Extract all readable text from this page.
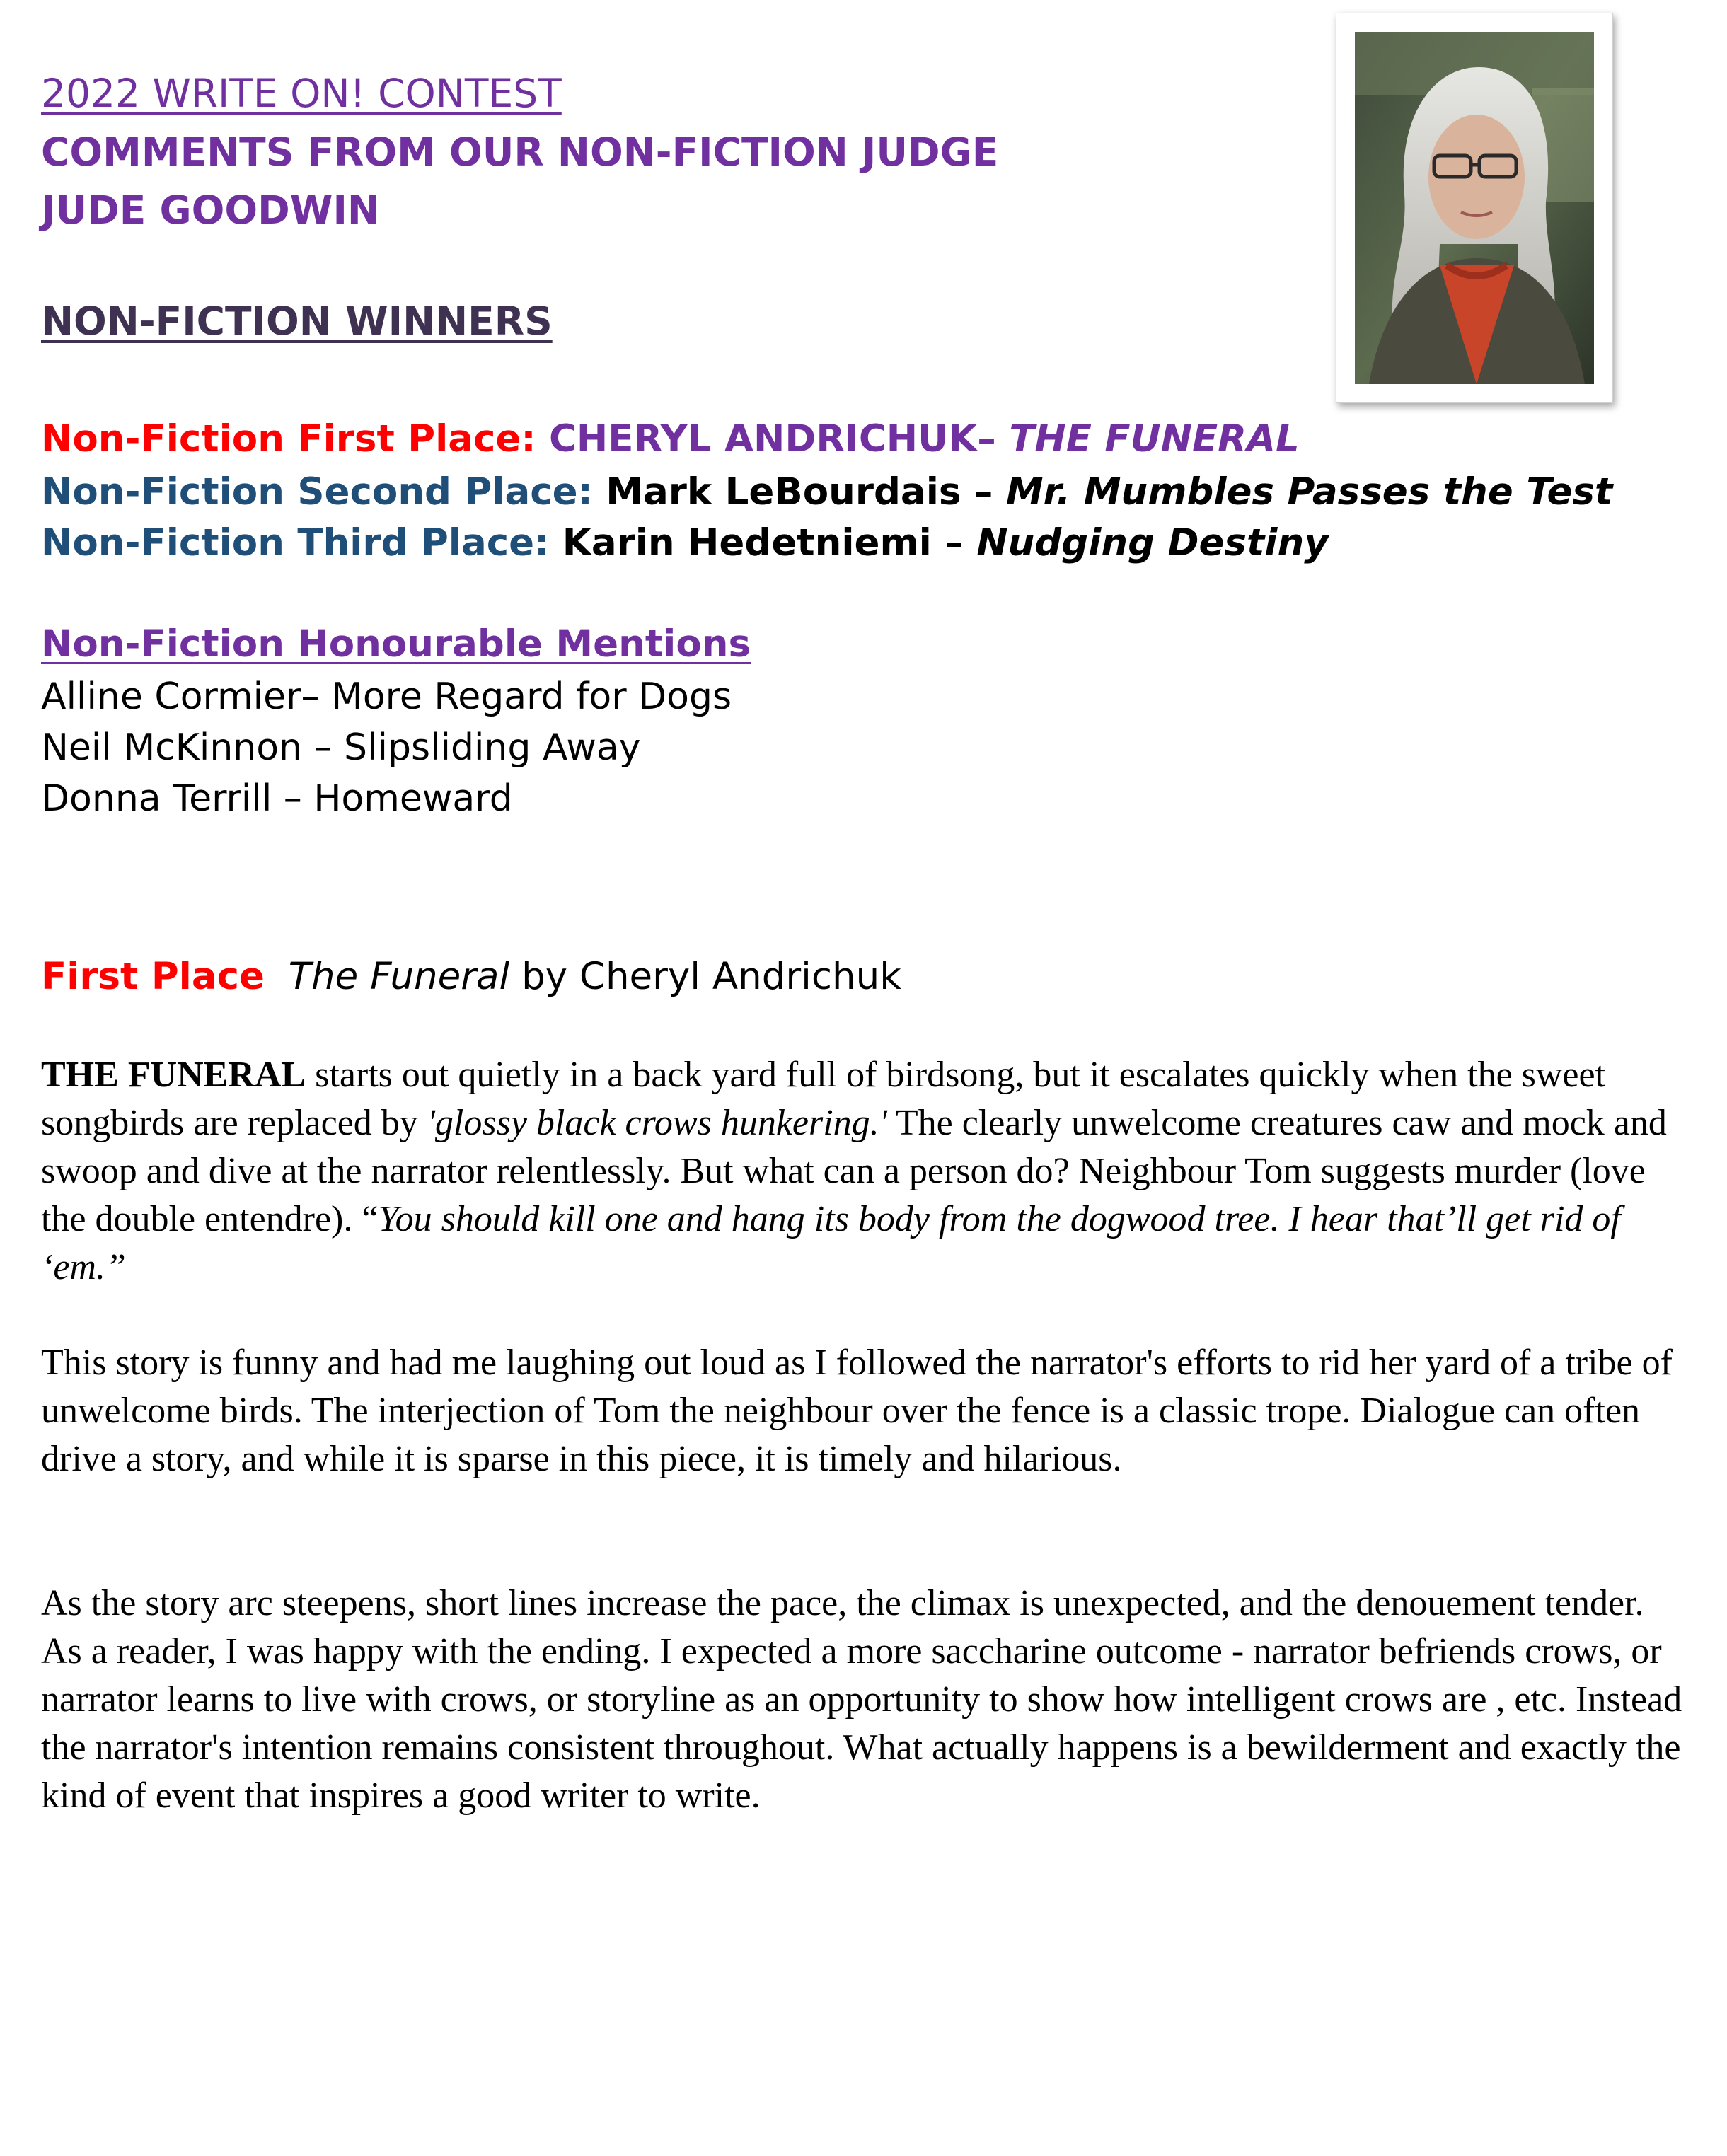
2022 WRITE ON! CONTEST
COMMENTS FROM OUR NON-FICTION JUDGE
JUDE GOODWIN
NON-FICTION WINNERS
Non-Fiction First Place: CHERYL ANDRICHUK– THE FUNERAL
Non-Fiction Second Place: Mark LeBourdais – Mr. Mumbles Passes the Test
Non-Fiction Third Place: Karin Hedetniemi – Nudging Destiny
Non-Fiction Honourable Mentions
Alline Cormier– More Regard for Dogs
Neil McKinnon – Slipsliding Away
Donna Terrill – Homeward
First Place The Funeral by Cheryl Andrichuk

THE FUNERAL starts out quietly in a back yard full of birdsong, but it escalates quickly when the sweet songbirds are replaced by 'glossy black crows hunkering.' The clearly unwelcome creatures caw and mock and swoop and dive at the narrator relentlessly. But what can a person do? Neighbour Tom suggests murder (love the double entendre). “You should kill one and hang its body from the dogwood tree. I hear that’ll get rid of ‘em.”

This story is funny and had me laughing out loud as I followed the narrator's efforts to rid her yard of a tribe of unwelcome birds. The interjection of Tom the neighbour over the fence is a classic trope. Dialogue can often drive a story, and while it is sparse in this piece, it is timely and hilarious.

As the story arc steepens, short lines increase the pace, the climax is unexpected, and the denouement tender. As a reader, I was happy with the ending. I expected a more saccharine outcome - narrator befriends crows, or narrator learns to live with crows, or storyline as an opportunity to show how intelligent crows are , etc. Instead the narrator's intention remains consistent throughout. What actually happens is a bewilderment and exactly the kind of event that inspires a good writer to write.
